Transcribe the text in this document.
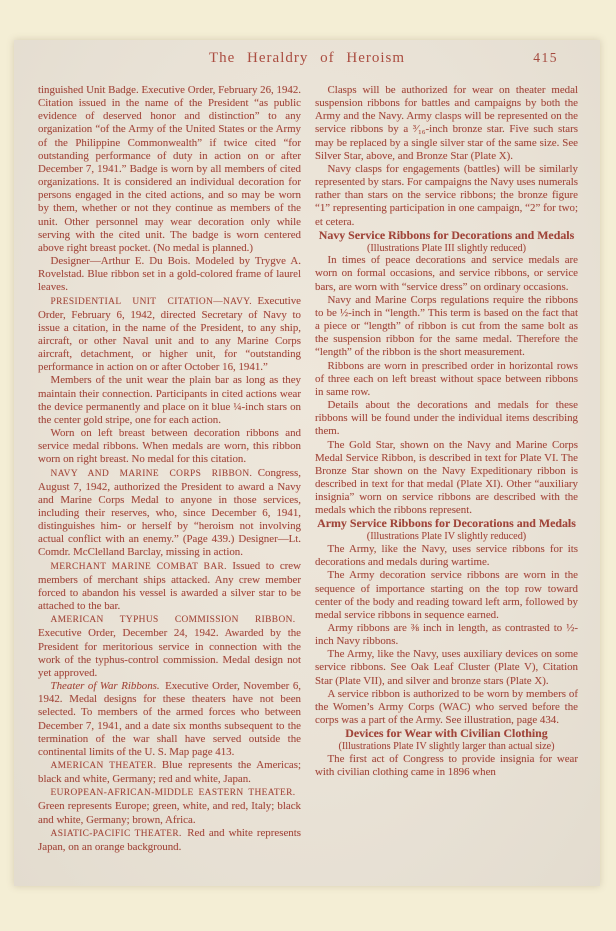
The Heraldry of Heroism	415

tinguished Unit Badge. Executive Order, February 26, 1942. Citation issued in the name of the President “as public evidence of deserved honor and distinction” to any organization “of the Army of the United States or the Army of the Philippine Commonwealth” if twice cited “for outstanding performance of duty in action on or after December 7, 1941.” Badge is worn by all members of cited organizations. It is considered an individual decoration for persons engaged in the cited actions, and so may be worn by them, whether or not they continue as members of the unit. Other personnel may wear decoration only while serving with the cited unit. The badge is worn centered above right breast pocket. (No medal is planned.)

Designer—Arthur E. Du Bois. Modeled by Trygve A. Rovelstad. Blue ribbon set in a gold-colored frame of laurel leaves.

PRESIDENTIAL UNIT CITATION—NAVY.  Executive Order, February 6, 1942, directed Secretary of Navy to issue a citation, in the name of the President, to any ship, aircraft, or other Naval unit and to any Marine Corps aircraft, detachment, or higher unit, for “outstanding performance in action on or after October 16, 1941.”

Members of the unit wear the plain bar as long as they maintain their connection. Participants in cited actions wear the device permanently and place on it blue ¼-inch stars on the center gold stripe, one for each action.

Worn on left breast between decoration ribbons and service medal ribbons. When medals are worn, this ribbon worn on right breast. No medal for this citation.

NAVY AND MARINE CORPS RIBBON.  Congress, August 7, 1942, authorized the President to award a Navy and Marine Corps Medal to anyone in those services, including their reserves, who, since December 6, 1941, distinguishes him- or herself by “heroism not involving actual conflict with an enemy.” (Page 439.) Designer—Lt. Comdr. McClelland Barclay, missing in action.

MERCHANT MARINE COMBAT BAR.  Issued to crew members of merchant ships attacked. Any crew member forced to abandon his vessel is awarded a silver star to be attached to the bar.

AMERICAN TYPHUS COMMISSION RIBBON. Executive Order, December 24, 1942. Awarded by the President for meritorious service in connection with the work of the typhus-control commission. Medal design not yet approved.

Theater of War Ribbons.  Executive Order, November 6, 1942. Medal designs for these theaters have not been selected. To members of the armed forces who between December 7, 1941, and a date six months subsequent to the termination of the war shall have served outside the continental limits of the U. S. Map page 413.

AMERICAN THEATER.  Blue represents the Americas; black and white, Germany; red and white, Japan.

EUROPEAN-AFRICAN-MIDDLE EASTERN THEATER. Green represents Europe; green, white, and red, Italy; black and white, Germany; brown, Africa.

ASIATIC-PACIFIC THEATER.  Red and white represents Japan, on an orange background.

Clasps will be authorized for wear on theater medal suspension ribbons for battles and campaigns by both the Army and the Navy. Army clasps will be represented on the service ribbons by a ³⁄₁₆-inch bronze star. Five such stars may be replaced by a single silver star of the same size. See Silver Star, above, and Bronze Star (Plate X).

Navy clasps for engagements (battles) will be similarly represented by stars. For campaigns the Navy uses numerals rather than stars on the service ribbons; the bronze figure “1” representing participation in one campaign, “2” for two; et cetera.

Navy Service Ribbons for Decorations and Medals

(Illustrations Plate III slightly reduced)

In times of peace decorations and service medals are worn on formal occasions, and service ribbons, or service bars, are worn with “service dress” on ordinary occasions.

Navy and Marine Corps regulations require the ribbons to be ½-inch in “length.” This term is based on the fact that a piece or “length” of ribbon is cut from the same bolt as the suspension ribbon for the same medal. Therefore the “length” of the ribbon is the short measurement.

Ribbons are worn in prescribed order in horizontal rows of three each on left breast without space between ribbons in same row.

Details about the decorations and medals for these ribbons will be found under the individual items describing them.

The Gold Star, shown on the Navy and Marine Corps Medal Service Ribbon, is described in text for Plate VI. The Bronze Star shown on the Navy Expeditionary ribbon is described in text for that medal (Plate XI). Other “auxiliary insignia” worn on service ribbons are described with the medals which the ribbons represent.

Army Service Ribbons for Decorations and Medals

(Illustrations Plate IV slightly reduced)

The Army, like the Navy, uses service ribbons for its decorations and medals during wartime.

The Army decoration service ribbons are worn in the sequence of importance starting on the top row toward center of the body and reading toward left arm, followed by medal service ribbons in sequence earned.

Army ribbons are ⅜ inch in length, as contrasted to ½-inch Navy ribbons.

The Army, like the Navy, uses auxiliary devices on some service ribbons. See Oak Leaf Cluster (Plate V), Citation Star (Plate VII), and silver and bronze stars (Plate X).

A service ribbon is authorized to be worn by members of the Women’s Army Corps (WAC) who served before the corps was a part of the Army. See illustration, page 434.

Devices for Wear with Civilian Clothing

(Illustrations Plate IV slightly larger than actual size)

The first act of Congress to provide insignia for wear with civilian clothing came in 1896 when
